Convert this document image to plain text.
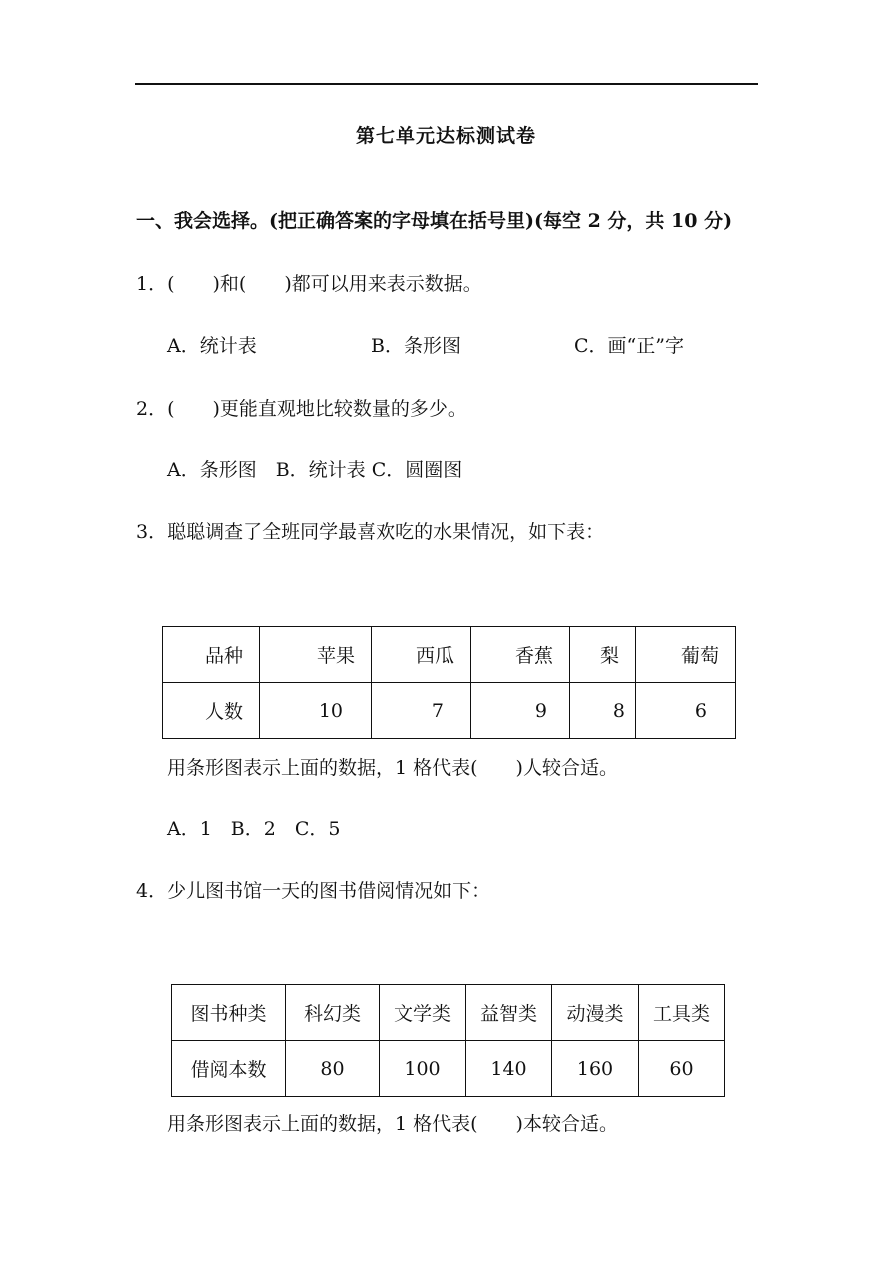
第七单元达标测试卷
一、我会选择。(把正确答案的字母填在括号里)(每空 2 分，共 10 分)
1．(　　)和(　　)都可以用来表示数据。
A．统计表	B．条形图	C．画“正”字
2．(　　)更能直观地比较数量的多少。
A．条形图　B．统计表 C．圆圈图
3．聪聪调查了全班同学最喜欢吃的水果情况，如下表：
品种	苹果	西瓜	香蕉	梨	葡萄
人数	10	7	9	8	6
用条形图表示上面的数据，1 格代表(　　)人较合适。
A．1　B．2　C．5
4．少儿图书馆一天的图书借阅情况如下：
图书种类	科幻类	文学类	益智类	动漫类	工具类
借阅本数	80	100	140	160	60
用条形图表示上面的数据，1 格代表(　　)本较合适。
